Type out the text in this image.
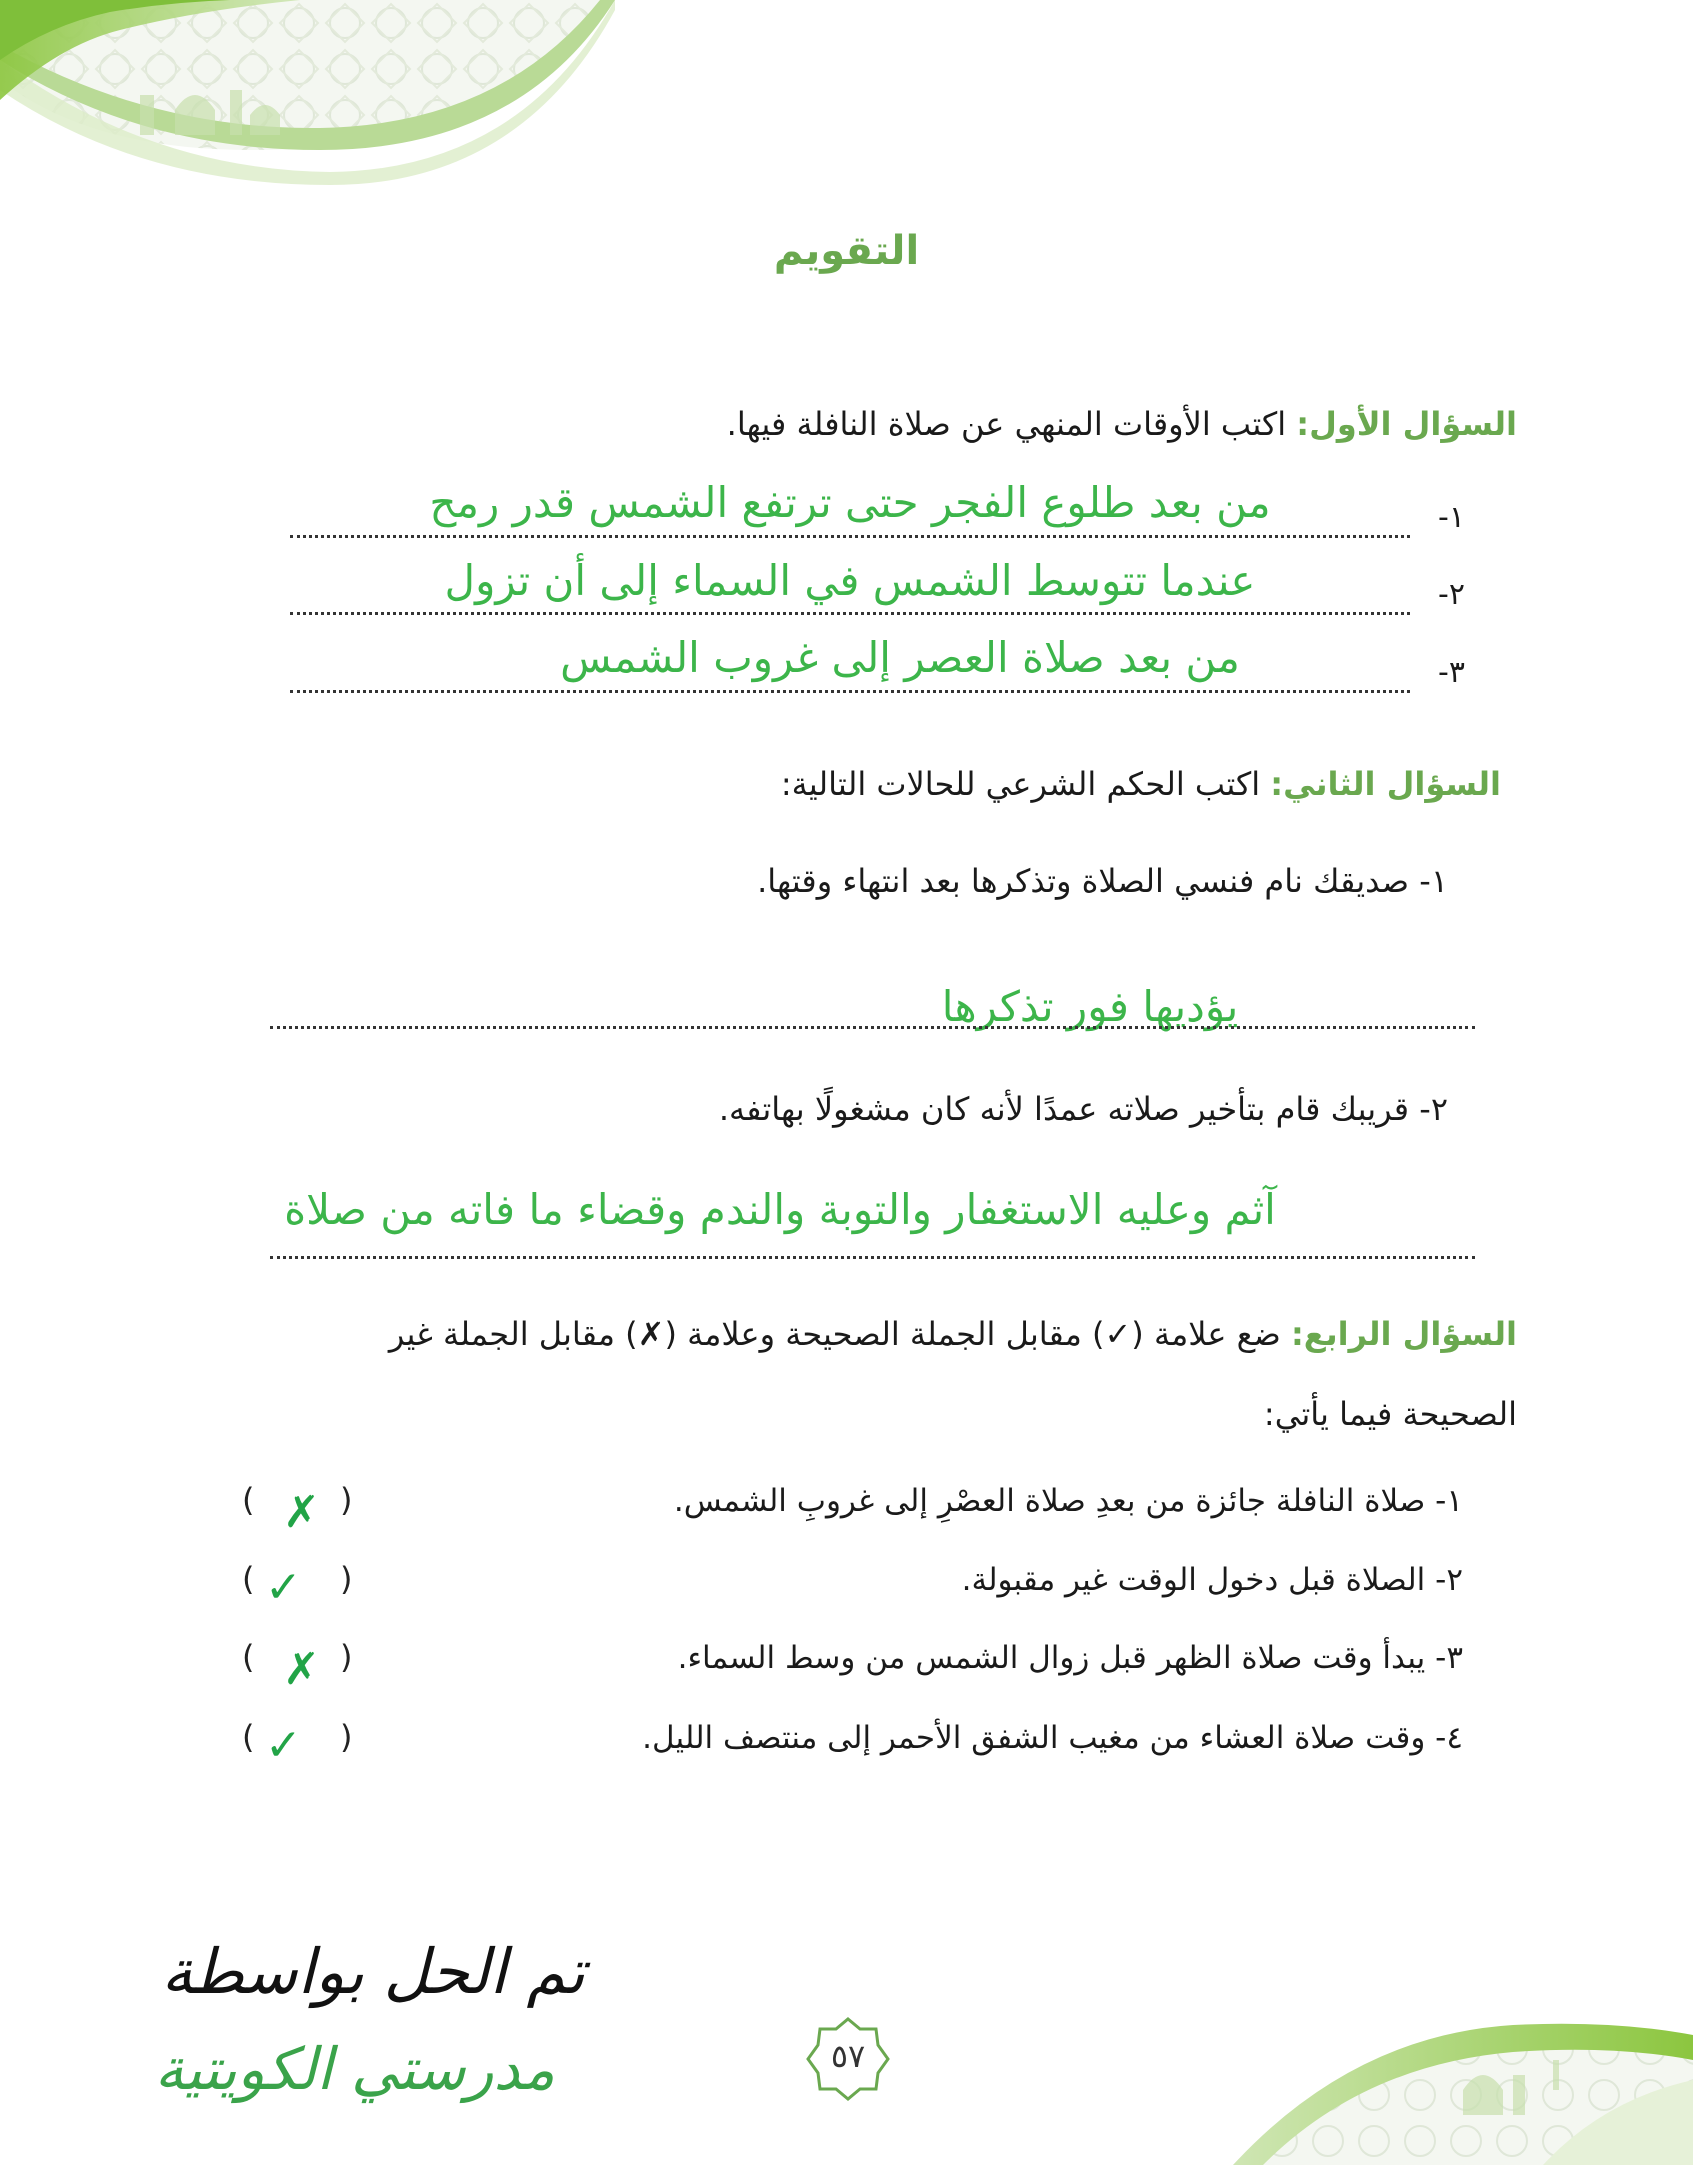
التقويم
السؤال الأول: اكتب الأوقات المنهي عن صلاة النافلة فيها.
١-
من بعد طلوع الفجر حتى ترتفع الشمس قدر رمح
٢-
عندما تتوسط الشمس في السماء إلى أن تزول
٣-
من بعد صلاة العصر إلى غروب الشمس
السؤال الثاني: اكتب الحكم الشرعي للحالات التالية:
١- صديقك نام فنسي الصلاة وتذكرها بعد انتهاء وقتها.
يؤديها فور تذكرها
٢- قريبك قام بتأخير صلاته عمدًا لأنه كان مشغولًا بهاتفه.
آثم وعليه الاستغفار والتوبة والندم وقضاء ما فاته من صلاة
السؤال الرابع: ضع علامة (✓) مقابل الجملة الصحيحة وعلامة (✗) مقابل الجملة غير
الصحيحة فيما يأتي:
١- صلاة النافلة جائزة من بعدِ صلاة العصْرِ إلى غروبِ الشمس.
)
✗
(
٢- الصلاة قبل دخول الوقت غير مقبولة.
)
✓
(
٣- يبدأ وقت صلاة الظهر قبل زوال الشمس من وسط السماء.
)
✗
(
٤- وقت صلاة العشاء من مغيب الشفق الأحمر إلى منتصف الليل.
)
✓
(
تم الحل بواسطة
مدرستي الكويتية	٥٧
